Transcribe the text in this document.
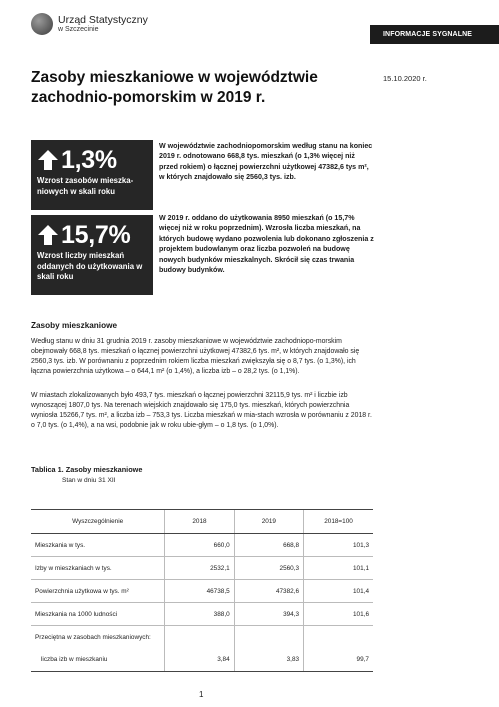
Urząd Statystyczny
w Szczecinie
INFORMACJE SYGNALNE
Zasoby mieszkaniowe w województwie zachodnio-pomorskim w 2019 r.
15.10.2020 r.
1,3%
Wzrost zasobów mieszka-niowych w skali roku
W województwie zachodniopomorskim według stanu na koniec 2019 r. odnotowano 668,8 tys. mieszkań (o 1,3% więcej niż przed rokiem) o łącznej powierzchni użytkowej 47382,6 tys m², w których znajdowało się 2560,3 tys. izb.
15,7%
Wzrost liczby mieszkań oddanych do użytkowania w skali roku
W 2019 r. oddano do użytkowania 8950 mieszkań (o 15,7% więcej niż w roku poprzednim). Wzrosła liczba mieszkań, na których budowę wydano pozwolenia lub dokonano zgłoszenia z projektem budowlanym oraz liczba pozwoleń na budowę nowych budynków mieszkalnych. Skrócił się czas trwania budowy budynków.
Zasoby mieszkaniowe
Według stanu w dniu 31 grudnia 2019 r. zasoby mieszkaniowe w województwie zachodniopo-morskim obejmowały 668,8 tys. mieszkań o łącznej powierzchni użytkowej 47382,6 tys. m², w których znajdowało się 2560,3 tys. izb. W porównaniu z poprzednim rokiem liczba mieszkań zwiększyła się o 8,7 tys. (o 1,3%), ich łączna powierzchnia użytkowa – o 644,1 m² (o 1,4%), a liczba izb – o 28,2 tys. (o 1,1%).
W miastach zlokalizowanych było 493,7 tys. mieszkań o łącznej powierzchni 32115,9 tys. m² i liczbie izb wynoszącej 1807,0 tys. Na terenach wiejskich znajdowało się 175,0 tys. mieszkań, których powierzchnia wyniosła 15266,7 tys. m², a liczba izb – 753,3 tys. Liczba mieszkań w mia-stach wzrosła w porównaniu z 2018 r. o 7,0 tys. (o 1,4%), a na wsi, podobnie jak w roku ubie-głym – o 1,8 tys. (o 1,0%).
Tablica 1. Zasoby mieszkaniowe
Stan w dniu 31 XII
Wyszczególnienie	2018	2019	2018=100
Mieszkania w tys.	660,0	668,8	101,3
Izby w mieszkaniach w tys.	2532,1	2560,3	101,1
Powierzchnia użytkowa w tys. m²	46738,5	47382,6	101,4
Mieszkania na 1000 ludności	388,0	394,3	101,6
Przeciętna w zasobach mieszkaniowych:			
liczba izb w mieszkaniu	3,84	3,83	99,7
1
